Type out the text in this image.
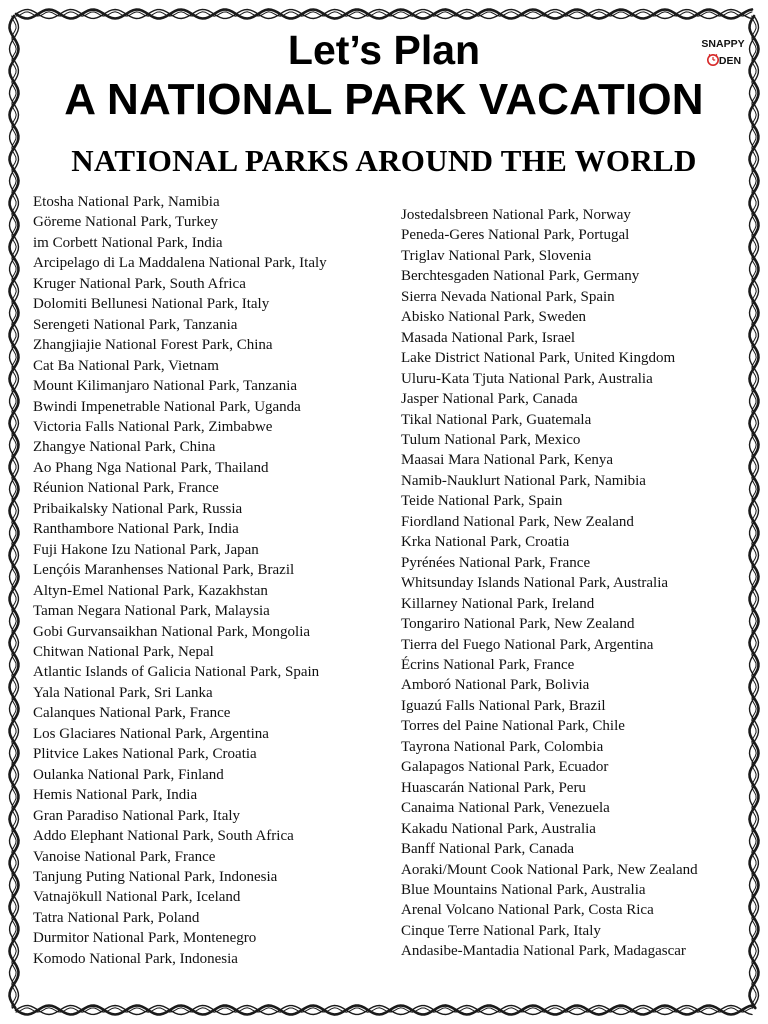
Let’s Plan
A NATIONAL PARK VACATION
SNAPPY
DEN
NATIONAL PARKS AROUND THE WORLD
Etosha National Park, Namibia
Göreme National Park, Turkey
im Corbett National Park, India
Arcipelago di La Maddalena National Park, Italy
Kruger National Park, South Africa
Dolomiti Bellunesi National Park, Italy
Serengeti National Park, Tanzania
Zhangjiajie National Forest Park, China
Cat Ba National Park, Vietnam
Mount Kilimanjaro National Park, Tanzania
Bwindi Impenetrable National Park, Uganda
Victoria Falls National Park, Zimbabwe
Zhangye National Park, China
Ao Phang Nga National Park, Thailand
Réunion National Park, France
Pribaikalsky National Park, Russia
Ranthambore National Park, India
Fuji Hakone Izu National Park, Japan
Lençóis Maranhenses National Park, Brazil
Altyn-Emel National Park, Kazakhstan
Taman Negara National Park, Malaysia
Gobi Gurvansaikhan National Park, Mongolia
Chitwan National Park, Nepal
Atlantic Islands of Galicia National Park, Spain
Yala National Park, Sri Lanka
Calanques National Park, France
Los Glaciares National Park, Argentina
Plitvice Lakes National Park, Croatia
Oulanka National Park, Finland
Hemis National Park, India
Gran Paradiso National Park, Italy
Addo Elephant National Park, South Africa
Vanoise National Park, France
Tanjung Puting National Park, Indonesia
Vatnajökull National Park, Iceland
Tatra National Park, Poland
Durmitor National Park, Montenegro
Komodo National Park, Indonesia
Jostedalsbreen National Park, Norway
Peneda-Geres National Park, Portugal
Triglav National Park, Slovenia
Berchtesgaden National Park, Germany
Sierra Nevada National Park, Spain
Abisko National Park, Sweden
Masada National Park, Israel
Lake District National Park, United Kingdom
Uluru-Kata Tjuta National Park, Australia
Jasper National Park, Canada
Tikal National Park, Guatemala
Tulum National Park, Mexico
Maasai Mara National Park, Kenya
Namib-Nauklurt National Park, Namibia
Teide National Park, Spain
Fiordland National Park, New Zealand
Krka National Park, Croatia
Pyrénées National Park, France
Whitsunday Islands National Park, Australia
Killarney National Park, Ireland
Tongariro National Park, New Zealand
Tierra del Fuego National Park, Argentina
Écrins National Park, France
Amboró National Park, Bolivia
Iguazú Falls National Park, Brazil
Torres del Paine National Park, Chile
Tayrona National Park, Colombia
Galapagos National Park, Ecuador
Huascarán National Park, Peru
Canaima National Park, Venezuela
Kakadu National Park, Australia
Banff National Park, Canada
Aoraki/Mount Cook National Park, New Zealand
Blue Mountains National Park, Australia
Arenal Volcano National Park, Costa Rica
Cinque Terre National Park, Italy
Andasibe-Mantadia National Park, Madagascar
